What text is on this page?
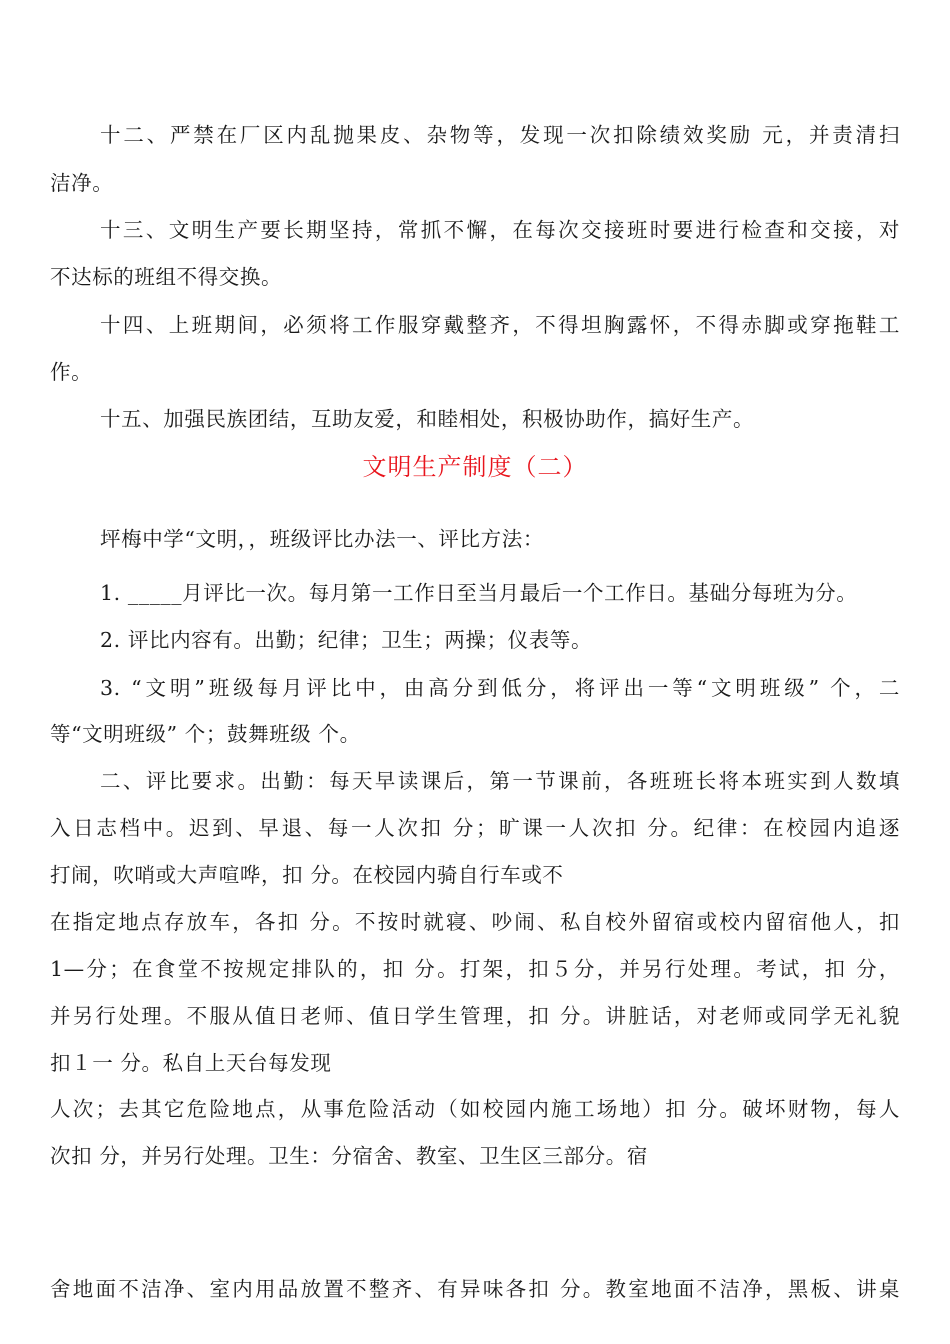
十二、严禁在厂区内乱抛果皮、杂物等，发现一次扣除绩效奖励 元，并责清扫
洁净。
十三、文明生产要长期坚持，常抓不懈，在每次交接班时要进行检查和交接，对
不达标的班组不得交换。
十四、上班期间，必须将工作服穿戴整齐，不得坦胸露怀，不得赤脚或穿拖鞋工
作。
十五、加强民族团结，互助友爱，和睦相处，积极协助作，搞好生产。
文明生产制度（二）
坪梅中学“文明，，班级评比办法一、评比方法：
1. _____月评比一次。每月第一工作日至当月最后一个工作日。基础分每班为分。
2. 评比内容有。出勤；纪律；卫生；两操；仪表等。
3. “文明”班级每月评比中，由高分到低分，将评出一等“文明班级” 个，二
等“文明班级” 个；鼓舞班级 个。
二、评比要求。出勤：每天早读课后，第一节课前，各班班长将本班实到人数填
入日志档中。迟到、早退、每一人次扣 分；旷课一人次扣 分。纪律：在校园内追逐
打闹，吹哨或大声喧哗，扣 分。在校园内骑自行车或不
在指定地点存放车，各扣 分。不按时就寝、吵闹、私自校外留宿或校内留宿他人，扣
1—分；在食堂不按规定排队的，扣 分。打架，扣５分，并另行处理。考试，扣 分，
并另行处理。不服从值日老师、值日学生管理，扣 分。讲脏话，对老师或同学无礼貌
扣１一 分。私自上天台每发现
人次；去其它危险地点，从事危险活动（如校园内施工场地）扣 分。破坏财物，每人
次扣 分，并另行处理。卫生：分宿舍、教室、卫生区三部分。宿
舍地面不洁净、室内用品放置不整齐、有异味各扣 分。教室地面不洁净，黑板、讲桌
